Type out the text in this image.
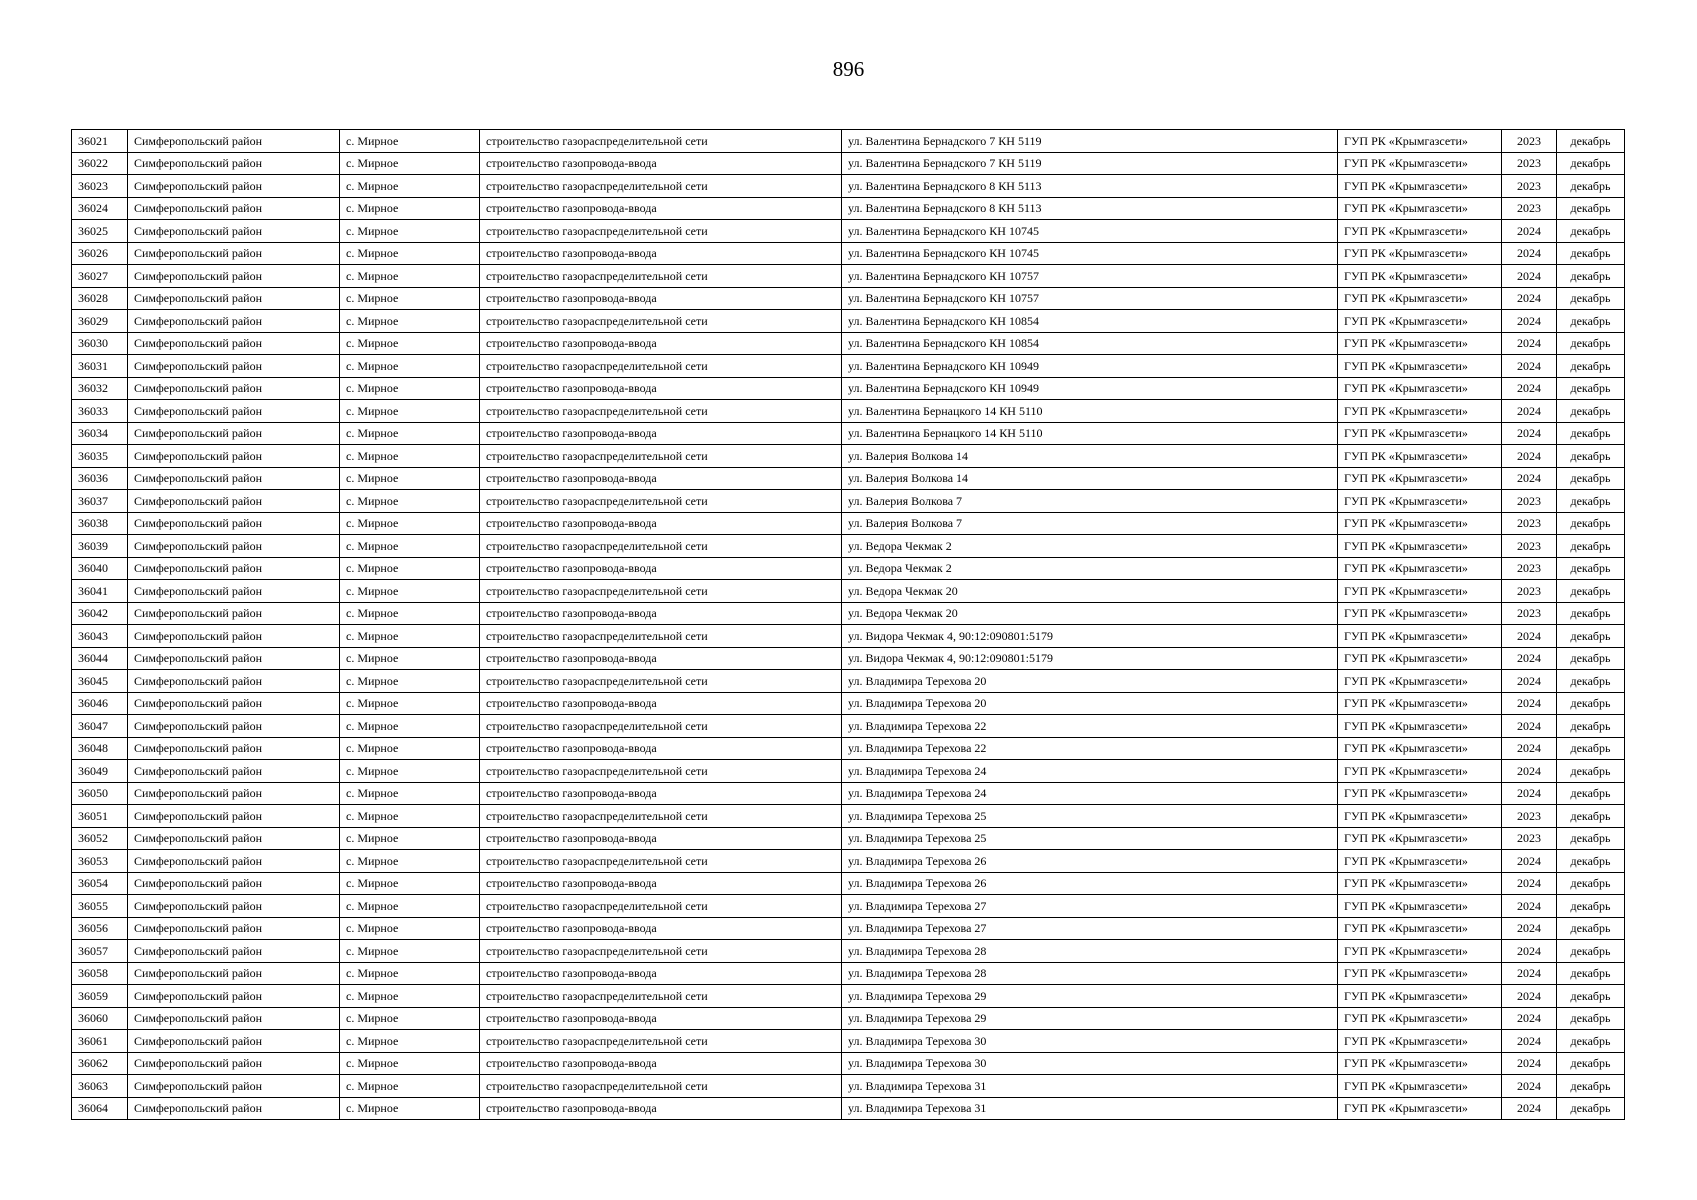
896
36021	Симферопольский район	с. Мирное	строительство газораспределительной сети	ул. Валентина Бернадского 7 КН 5119	ГУП РК «Крымгазсети»	2023	декабрь
36022	Симферопольский район	с. Мирное	строительство газопровода-ввода	ул. Валентина Бернадского 7 КН 5119	ГУП РК «Крымгазсети»	2023	декабрь
36023	Симферопольский район	с. Мирное	строительство газораспределительной сети	ул. Валентина Бернадского 8 КН 5113	ГУП РК «Крымгазсети»	2023	декабрь
36024	Симферопольский район	с. Мирное	строительство газопровода-ввода	ул. Валентина Бернадского 8 КН 5113	ГУП РК «Крымгазсети»	2023	декабрь
36025	Симферопольский район	с. Мирное	строительство газораспределительной сети	ул. Валентина Бернадского КН 10745	ГУП РК «Крымгазсети»	2024	декабрь
36026	Симферопольский район	с. Мирное	строительство газопровода-ввода	ул. Валентина Бернадского КН 10745	ГУП РК «Крымгазсети»	2024	декабрь
36027	Симферопольский район	с. Мирное	строительство газораспределительной сети	ул. Валентина Бернадского КН 10757	ГУП РК «Крымгазсети»	2024	декабрь
36028	Симферопольский район	с. Мирное	строительство газопровода-ввода	ул. Валентина Бернадского КН 10757	ГУП РК «Крымгазсети»	2024	декабрь
36029	Симферопольский район	с. Мирное	строительство газораспределительной сети	ул. Валентина Бернадского КН 10854	ГУП РК «Крымгазсети»	2024	декабрь
36030	Симферопольский район	с. Мирное	строительство газопровода-ввода	ул. Валентина Бернадского КН 10854	ГУП РК «Крымгазсети»	2024	декабрь
36031	Симферопольский район	с. Мирное	строительство газораспределительной сети	ул. Валентина Бернадского КН 10949	ГУП РК «Крымгазсети»	2024	декабрь
36032	Симферопольский район	с. Мирное	строительство газопровода-ввода	ул. Валентина Бернадского КН 10949	ГУП РК «Крымгазсети»	2024	декабрь
36033	Симферопольский район	с. Мирное	строительство газораспределительной сети	ул. Валентина Бернацкого 14 КН 5110	ГУП РК «Крымгазсети»	2024	декабрь
36034	Симферопольский район	с. Мирное	строительство газопровода-ввода	ул. Валентина Бернацкого 14 КН 5110	ГУП РК «Крымгазсети»	2024	декабрь
36035	Симферопольский район	с. Мирное	строительство газораспределительной сети	ул. Валерия Волкова 14	ГУП РК «Крымгазсети»	2024	декабрь
36036	Симферопольский район	с. Мирное	строительство газопровода-ввода	ул. Валерия Волкова 14	ГУП РК «Крымгазсети»	2024	декабрь
36037	Симферопольский район	с. Мирное	строительство газораспределительной сети	ул. Валерия Волкова 7	ГУП РК «Крымгазсети»	2023	декабрь
36038	Симферопольский район	с. Мирное	строительство газопровода-ввода	ул. Валерия Волкова 7	ГУП РК «Крымгазсети»	2023	декабрь
36039	Симферопольский район	с. Мирное	строительство газораспределительной сети	ул. Ведора Чекмак 2	ГУП РК «Крымгазсети»	2023	декабрь
36040	Симферопольский район	с. Мирное	строительство газопровода-ввода	ул. Ведора Чекмак 2	ГУП РК «Крымгазсети»	2023	декабрь
36041	Симферопольский район	с. Мирное	строительство газораспределительной сети	ул. Ведора Чекмак 20	ГУП РК «Крымгазсети»	2023	декабрь
36042	Симферопольский район	с. Мирное	строительство газопровода-ввода	ул. Ведора Чекмак 20	ГУП РК «Крымгазсети»	2023	декабрь
36043	Симферопольский район	с. Мирное	строительство газораспределительной сети	ул. Видора Чекмак 4, 90:12:090801:5179	ГУП РК «Крымгазсети»	2024	декабрь
36044	Симферопольский район	с. Мирное	строительство газопровода-ввода	ул. Видора Чекмак 4, 90:12:090801:5179	ГУП РК «Крымгазсети»	2024	декабрь
36045	Симферопольский район	с. Мирное	строительство газораспределительной сети	ул. Владимира Терехова 20	ГУП РК «Крымгазсети»	2024	декабрь
36046	Симферопольский район	с. Мирное	строительство газопровода-ввода	ул. Владимира Терехова 20	ГУП РК «Крымгазсети»	2024	декабрь
36047	Симферопольский район	с. Мирное	строительство газораспределительной сети	ул. Владимира Терехова 22	ГУП РК «Крымгазсети»	2024	декабрь
36048	Симферопольский район	с. Мирное	строительство газопровода-ввода	ул. Владимира Терехова 22	ГУП РК «Крымгазсети»	2024	декабрь
36049	Симферопольский район	с. Мирное	строительство газораспределительной сети	ул. Владимира Терехова 24	ГУП РК «Крымгазсети»	2024	декабрь
36050	Симферопольский район	с. Мирное	строительство газопровода-ввода	ул. Владимира Терехова 24	ГУП РК «Крымгазсети»	2024	декабрь
36051	Симферопольский район	с. Мирное	строительство газораспределительной сети	ул. Владимира Терехова 25	ГУП РК «Крымгазсети»	2023	декабрь
36052	Симферопольский район	с. Мирное	строительство газопровода-ввода	ул. Владимира Терехова 25	ГУП РК «Крымгазсети»	2023	декабрь
36053	Симферопольский район	с. Мирное	строительство газораспределительной сети	ул. Владимира Терехова 26	ГУП РК «Крымгазсети»	2024	декабрь
36054	Симферопольский район	с. Мирное	строительство газопровода-ввода	ул. Владимира Терехова 26	ГУП РК «Крымгазсети»	2024	декабрь
36055	Симферопольский район	с. Мирное	строительство газораспределительной сети	ул. Владимира Терехова 27	ГУП РК «Крымгазсети»	2024	декабрь
36056	Симферопольский район	с. Мирное	строительство газопровода-ввода	ул. Владимира Терехова 27	ГУП РК «Крымгазсети»	2024	декабрь
36057	Симферопольский район	с. Мирное	строительство газораспределительной сети	ул. Владимира Терехова 28	ГУП РК «Крымгазсети»	2024	декабрь
36058	Симферопольский район	с. Мирное	строительство газопровода-ввода	ул. Владимира Терехова 28	ГУП РК «Крымгазсети»	2024	декабрь
36059	Симферопольский район	с. Мирное	строительство газораспределительной сети	ул. Владимира Терехова 29	ГУП РК «Крымгазсети»	2024	декабрь
36060	Симферопольский район	с. Мирное	строительство газопровода-ввода	ул. Владимира Терехова 29	ГУП РК «Крымгазсети»	2024	декабрь
36061	Симферопольский район	с. Мирное	строительство газораспределительной сети	ул. Владимира Терехова 30	ГУП РК «Крымгазсети»	2024	декабрь
36062	Симферопольский район	с. Мирное	строительство газопровода-ввода	ул. Владимира Терехова 30	ГУП РК «Крымгазсети»	2024	декабрь
36063	Симферопольский район	с. Мирное	строительство газораспределительной сети	ул. Владимира Терехова 31	ГУП РК «Крымгазсети»	2024	декабрь
36064	Симферопольский район	с. Мирное	строительство газопровода-ввода	ул. Владимира Терехова 31	ГУП РК «Крымгазсети»	2024	декабрь
